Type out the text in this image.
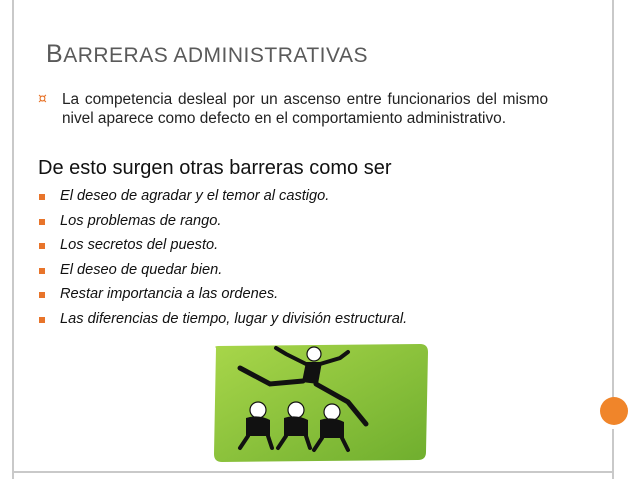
BARRERAS ADMINISTRATIVAS
¤ La competencia desleal por un ascenso entre funcionarios del mismo nivel aparece como defecto en el comportamiento administrativo.
De esto surgen otras barreras como ser
El deseo de agradar y el temor al castigo.
Los problemas de rango.
Los secretos del puesto.
El deseo de quedar bien.
Restar importancia a las ordenes.
Las diferencias de tiempo, lugar y división estructural.
